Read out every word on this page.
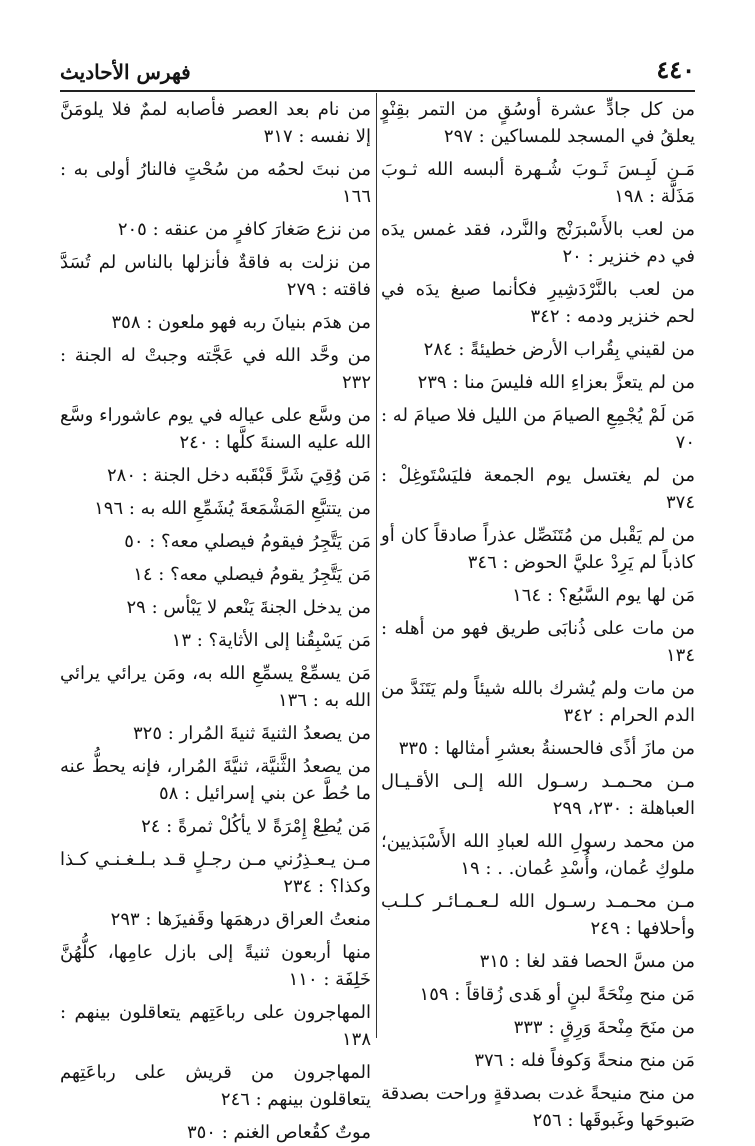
٤٤٠
فهرس الأحاديث

من كل جادٍّ عشرة أوسُقٍ من التمر بقِنْوٍ يعلقُ في المسجد للمساكين : ٢٩٧

مَـن لَبِـسَ ثَـوبَ شُـهرة ألبسه الله ثـوبَ مَذَلَّة : ١٩٨

من لعب بالأَسْبرَنْج والنَّرد، فقد غمس يدَه في دم خنزير : ٢٠

من لعب بالنَّرْدَشِيرِ فكأنما صبغ يدَه في لحم خنزير ودمه : ٣٤٢

من لقيني بِقُراب الأرض خطيئةً : ٢٨٤

من لم يتعزَّ بعزاءِ الله فليسَ منا : ٢٣٩

مَن لَمْ يُجْمِعِ الصيامَ من الليل فلا صيامَ له : ٧٠

من لم يغتسل يوم الجمعة فليَسْتَوغِلْ : ٣٧٤

من لم يَقْبل من مُتَنَصِّل عذراً صادقاً كان أو كاذباً لم يَرِدْ عليَّ الحوض : ٣٤٦

مَن لها يوم السَّبُع؟ : ١٦٤

من مات على ذُنابَى طريق فهو من أهله : ١٣٤

من مات ولم يُشرك بالله شيئاً ولم يَتَنَدَّ من الدم الحرام : ٣٤٢

من مازَ أذًى فالحسنةُ بعشرِ أمثالها : ٣٣٥

مـن محـمـد رسـول الله إلـى الأقـيـال العباهلة : ٢٣٠، ٢٩٩

من محمد رسولِ الله لعبادِ الله الأَسْبَذيين؛ ملوكِ عُمان، وأُسْدِ عُمان. . : ١٩

مـن محـمـد رسـول الله لـعـمـائـر كـلـب وأحلافها : ٢٤٩

من مسَّ الحصا فقد لغا : ٣١٥

مَن منح مِنْحَةً لبنٍ أو هَدى زُقاقاً : ١٥٩

من منَحَ مِنْحةَ وَرِقٍ : ٣٣٣

مَن منح منحةً وَكوفاً فله : ٣٧٦

من منح منيحةً غدت بصدقةٍ وراحت بصدقة صَبوحَها وغَبوقَها : ٢٥٦

من نام بعد العصر فأصابه لممٌ فلا يلومَنَّ إلا نفسه : ٣١٧

من نبتَ لحمُه من سُحْتٍ فالنارُ أولى به : ١٦٦

من نزع صَغارَ كافرٍ من عنقه : ٢٠٥

من نزلت به فاقةٌ فأنزلها بالناس لم تُسَدَّ فاقته : ٢٧٩

من هدَم بنيانَ ربه فهو ملعون : ٣٥٨

من وحَّد الله في عَجَّته وجبتْ له الجنة : ٢٣٢

من وسَّع على عياله في يوم عاشوراء وسَّع الله عليه السنةَ كلَّها : ٢٤٠

مَن وُقِيَ شَرَّ قَبْقَبه دخل الجنة : ٢٨٠

من يتتبَّعِ المَشْمَعةَ يُشَمِّعِ الله به : ١٩٦

مَن يَتَّجِرُ فيقومُ فيصلي معه؟ : ٥٠

مَن يَتَّجِرُ يقومُ فيصلي معه؟ : ١٤

من يدخل الجنةَ يَنْعم لا يَبْأس : ٢٩

مَن يَسْبِقُنا إلى الأثاية؟ : ١٣

مَن يسمِّعْ يسمِّعِ الله به، ومَن يرائي يرائي الله به : ١٣٦

من يصعدُ الثنيةَ ثنيةَ المُرار : ٣٢٥

من يصعدُ الثَّنيَّة، ثنيَّةَ المُرار، فإنه يحطُّ عنه ما حُطَّ عن بني إسرائيل : ٥٨

مَن يُطِعْ إِمْرَةً لا يأكُلْ ثمرةً : ٢٤

مـن يـعـذِرُني مـن رجـلٍ قـد بـلـغـنـي كـذا وكذا؟ : ٢٣٤

منعتُ العراق درهمَها وقَفيزَها : ٢٩٣

منها أربعون ثنيةً إلى بازل عامِها، كلُّهُنَّ خَلِفَة : ١١٠

المهاجرون على رباعَتِهم يتعاقلون بينهم : ١٣٨

المهاجرون من قريش على رباعَتِهم يتعاقلون بينهم : ٢٤٦

موتٌ كقُعاص الغنم : ٣٥٠
